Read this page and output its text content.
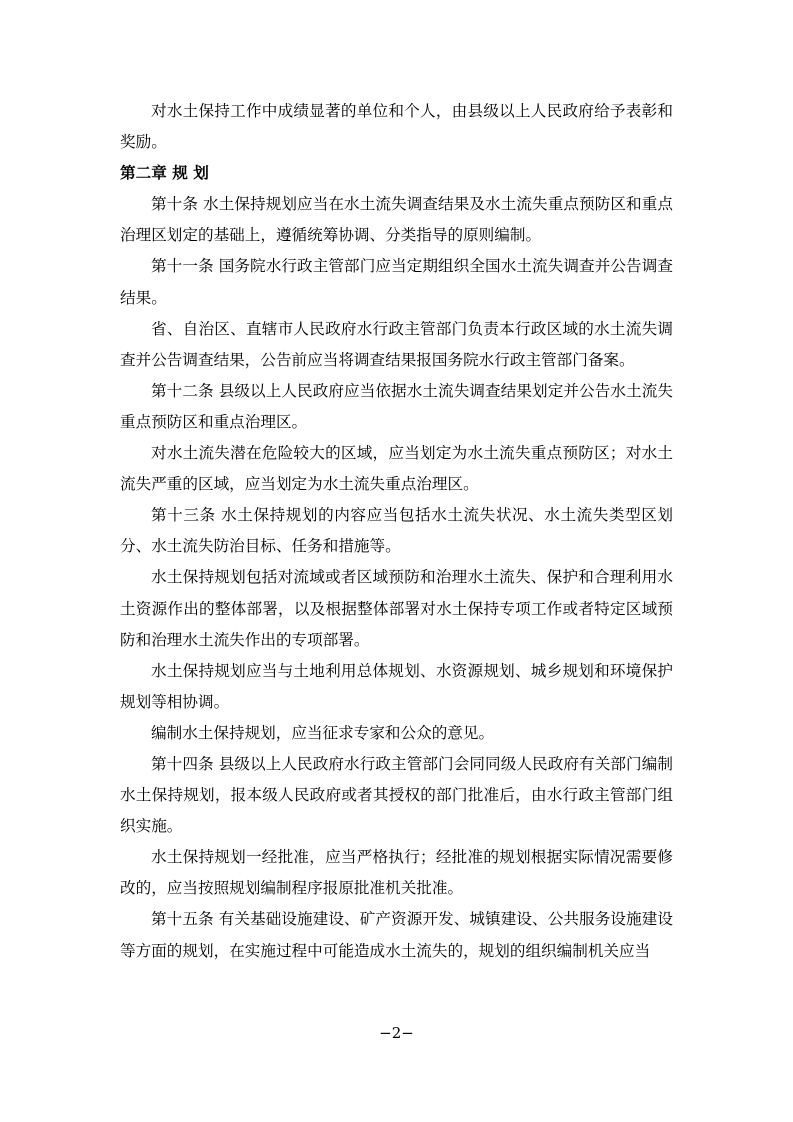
对水土保持工作中成绩显著的单位和个人，由县级以上人民政府给予表彰和奖励。

第二章 规 划

第十条 水土保持规划应当在水土流失调查结果及水土流失重点预防区和重点治理区划定的基础上，遵循统筹协调、分类指导的原则编制。

第十一条 国务院水行政主管部门应当定期组织全国水土流失调查并公告调查结果。

省、自治区、直辖市人民政府水行政主管部门负责本行政区域的水土流失调查并公告调查结果，公告前应当将调查结果报国务院水行政主管部门备案。

第十二条 县级以上人民政府应当依据水土流失调查结果划定并公告水土流失重点预防区和重点治理区。

对水土流失潜在危险较大的区域，应当划定为水土流失重点预防区；对水土流失严重的区域，应当划定为水土流失重点治理区。

第十三条 水土保持规划的内容应当包括水土流失状况、水土流失类型区划分、水土流失防治目标、任务和措施等。

水土保持规划包括对流域或者区域预防和治理水土流失、保护和合理利用水土资源作出的整体部署，以及根据整体部署对水土保持专项工作或者特定区域预防和治理水土流失作出的专项部署。

水土保持规划应当与土地利用总体规划、水资源规划、城乡规划和环境保护规划等相协调。

编制水土保持规划，应当征求专家和公众的意见。

第十四条 县级以上人民政府水行政主管部门会同同级人民政府有关部门编制水土保持规划，报本级人民政府或者其授权的部门批准后，由水行政主管部门组织实施。

水土保持规划一经批准，应当严格执行；经批准的规划根据实际情况需要修改的，应当按照规划编制程序报原批准机关批准。

第十五条 有关基础设施建设、矿产资源开发、城镇建设、公共服务设施建设等方面的规划，在实施过程中可能造成水土流失的，规划的组织编制机关应当

−2−
